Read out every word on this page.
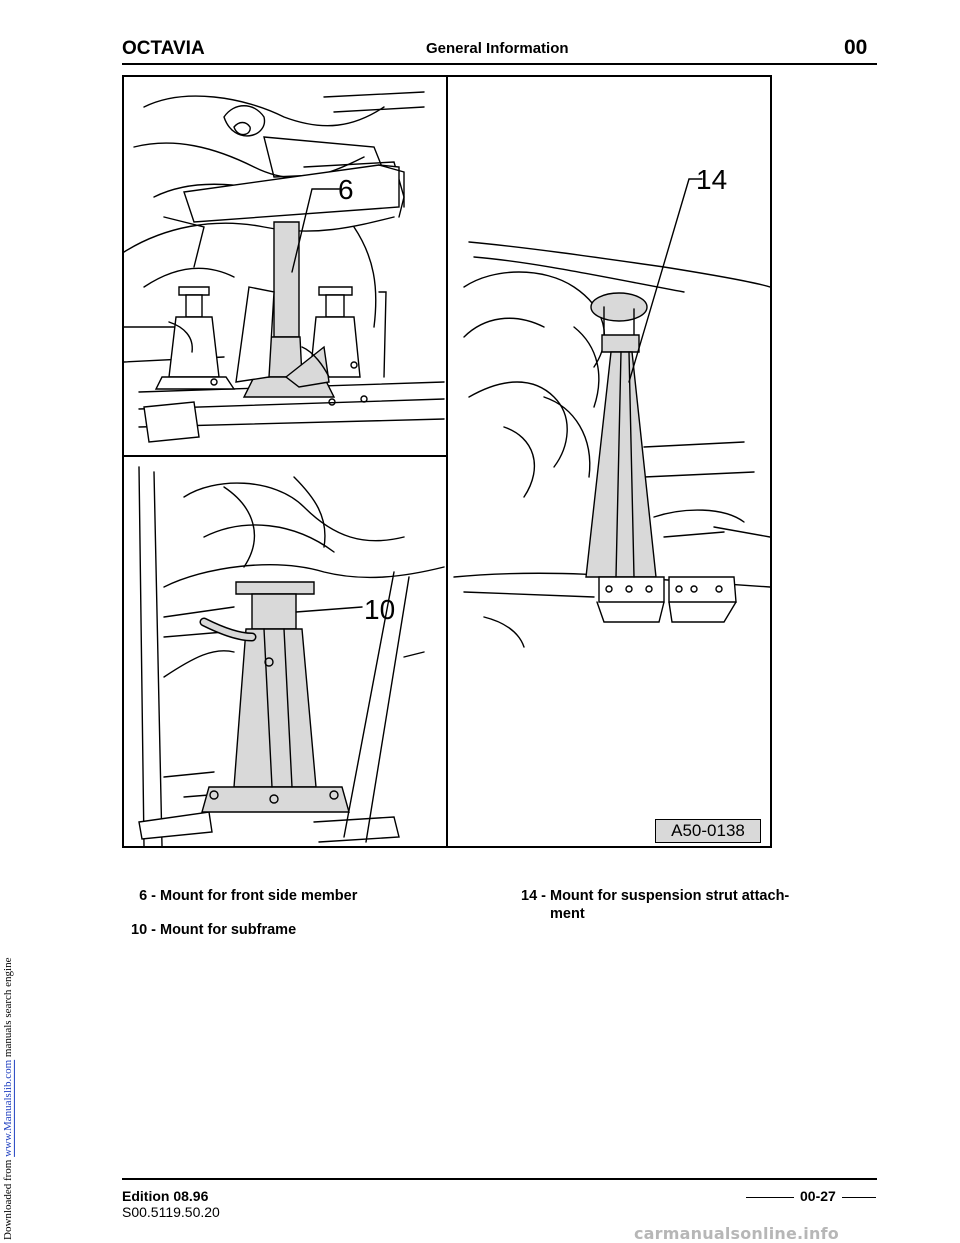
Downloaded from www.Manualslib.com manuals search engine
OCTAVIA	General Information	00
6
10
14
A50-0138
6 - Mount for front side member
10 - Mount for subframe
14 - Mount for suspension strut attach-
ment
Edition 08.96
S00.5119.50.20
00-27
carmanualsonline.info
